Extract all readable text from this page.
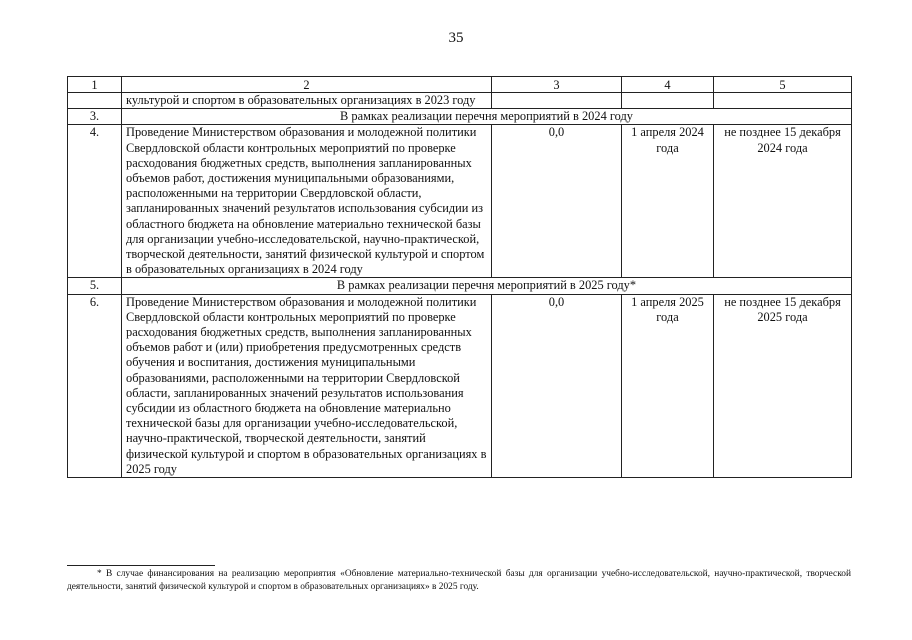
35
1	2	3	4	5
	культурой и спортом в образовательных организациях в 2023 году			
3.	В рамках реализации перечня мероприятий в 2024 году			
4.	Проведение Министерством образования и молодежной политики Свердловской области контрольных мероприятий по проверке расходования бюджетных средств, выполнения запланированных объемов работ, достижения муниципальными образованиями, расположенными на территории Свердловской области, запланированных значений результатов использования субсидии из областного бюджета на обновление материально технической базы для организации учебно-исследовательской, научно-практической, творческой деятельности, занятий физической культурой и спортом в образовательных организациях в 2024 году	0,0	1 апреля 2024 года	не позднее 15 декабря 2024 года
5.	В рамках реализации перечня мероприятий в 2025 году*			
6.	Проведение Министерством образования и молодежной политики Свердловской области контрольных мероприятий по проверке расходования бюджетных средств, выполнения запланированных объемов работ и (или) приобретения предусмотренных средств обучения и воспитания, достижения муниципальными образованиями, расположенными на территории Свердловской области, запланированных значений результатов использования субсидии из областного бюджета на обновление материально технической базы для организации учебно-исследовательской, научно-практической, творческой деятельности, занятий физической культурой и спортом в образовательных организациях в 2025 году	0,0	1 апреля 2025 года	не позднее 15 декабря 2025 года
* В случае финансирования на реализацию мероприятия «Обновление материально-технической базы для организации учебно-исследовательской, научно-практической, творческой деятельности, занятий физической культурой и спортом в образовательных организациях» в 2025 году.
